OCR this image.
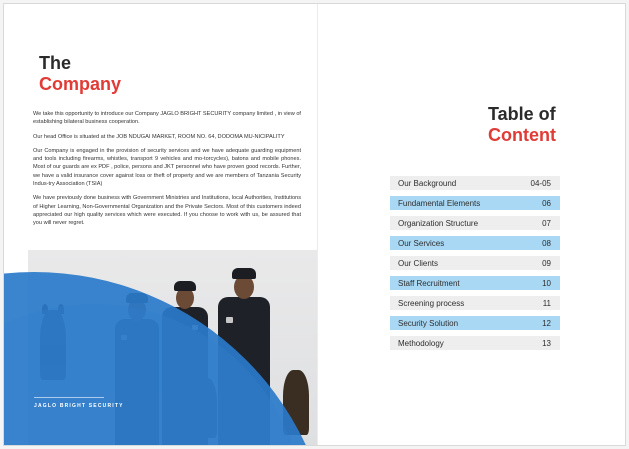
The
Company

We take this opportunity to introduce our Company JAGLO BRIGHT SECURITY company limited , in view of establishing bilateral business cooperation.

Our head Office is situated at the JOB NDUGAI MARKET, ROOM NO. 64, DODOMA MU-NICIPALITY

Our Company is engaged in the provision of security services and we have adequate guarding equipment and tools including firearms, whistles, transport 9 vehicles and mo-torcycles), batons and mobile phones. Most of our guards are ex PDF , police, persons and JKT personnel who have proven good records. Further, we have a valid insurance cover against loss or theft of property and we are members of Tanzania Security Indus-try Association (TSIA)

We have previously done business with Government Ministries and Institutions, local Authorities, Institutions of Higher Learning, Non-Governmental Organization and the Private Sectors. Most of this customers indeed appreciated our high quality services which were executed. If you choose to work with us, be assured that you will never regret.

JAGLO BRIGHT SECURITY
Table of
Content
Our Background	04-05
Fundamental Elements	06
Organization Structure	07
Our Services	08
Our Clients	09
Staff Recruitment	10
Screening process	11
Security Solution	12
Methodology	13
